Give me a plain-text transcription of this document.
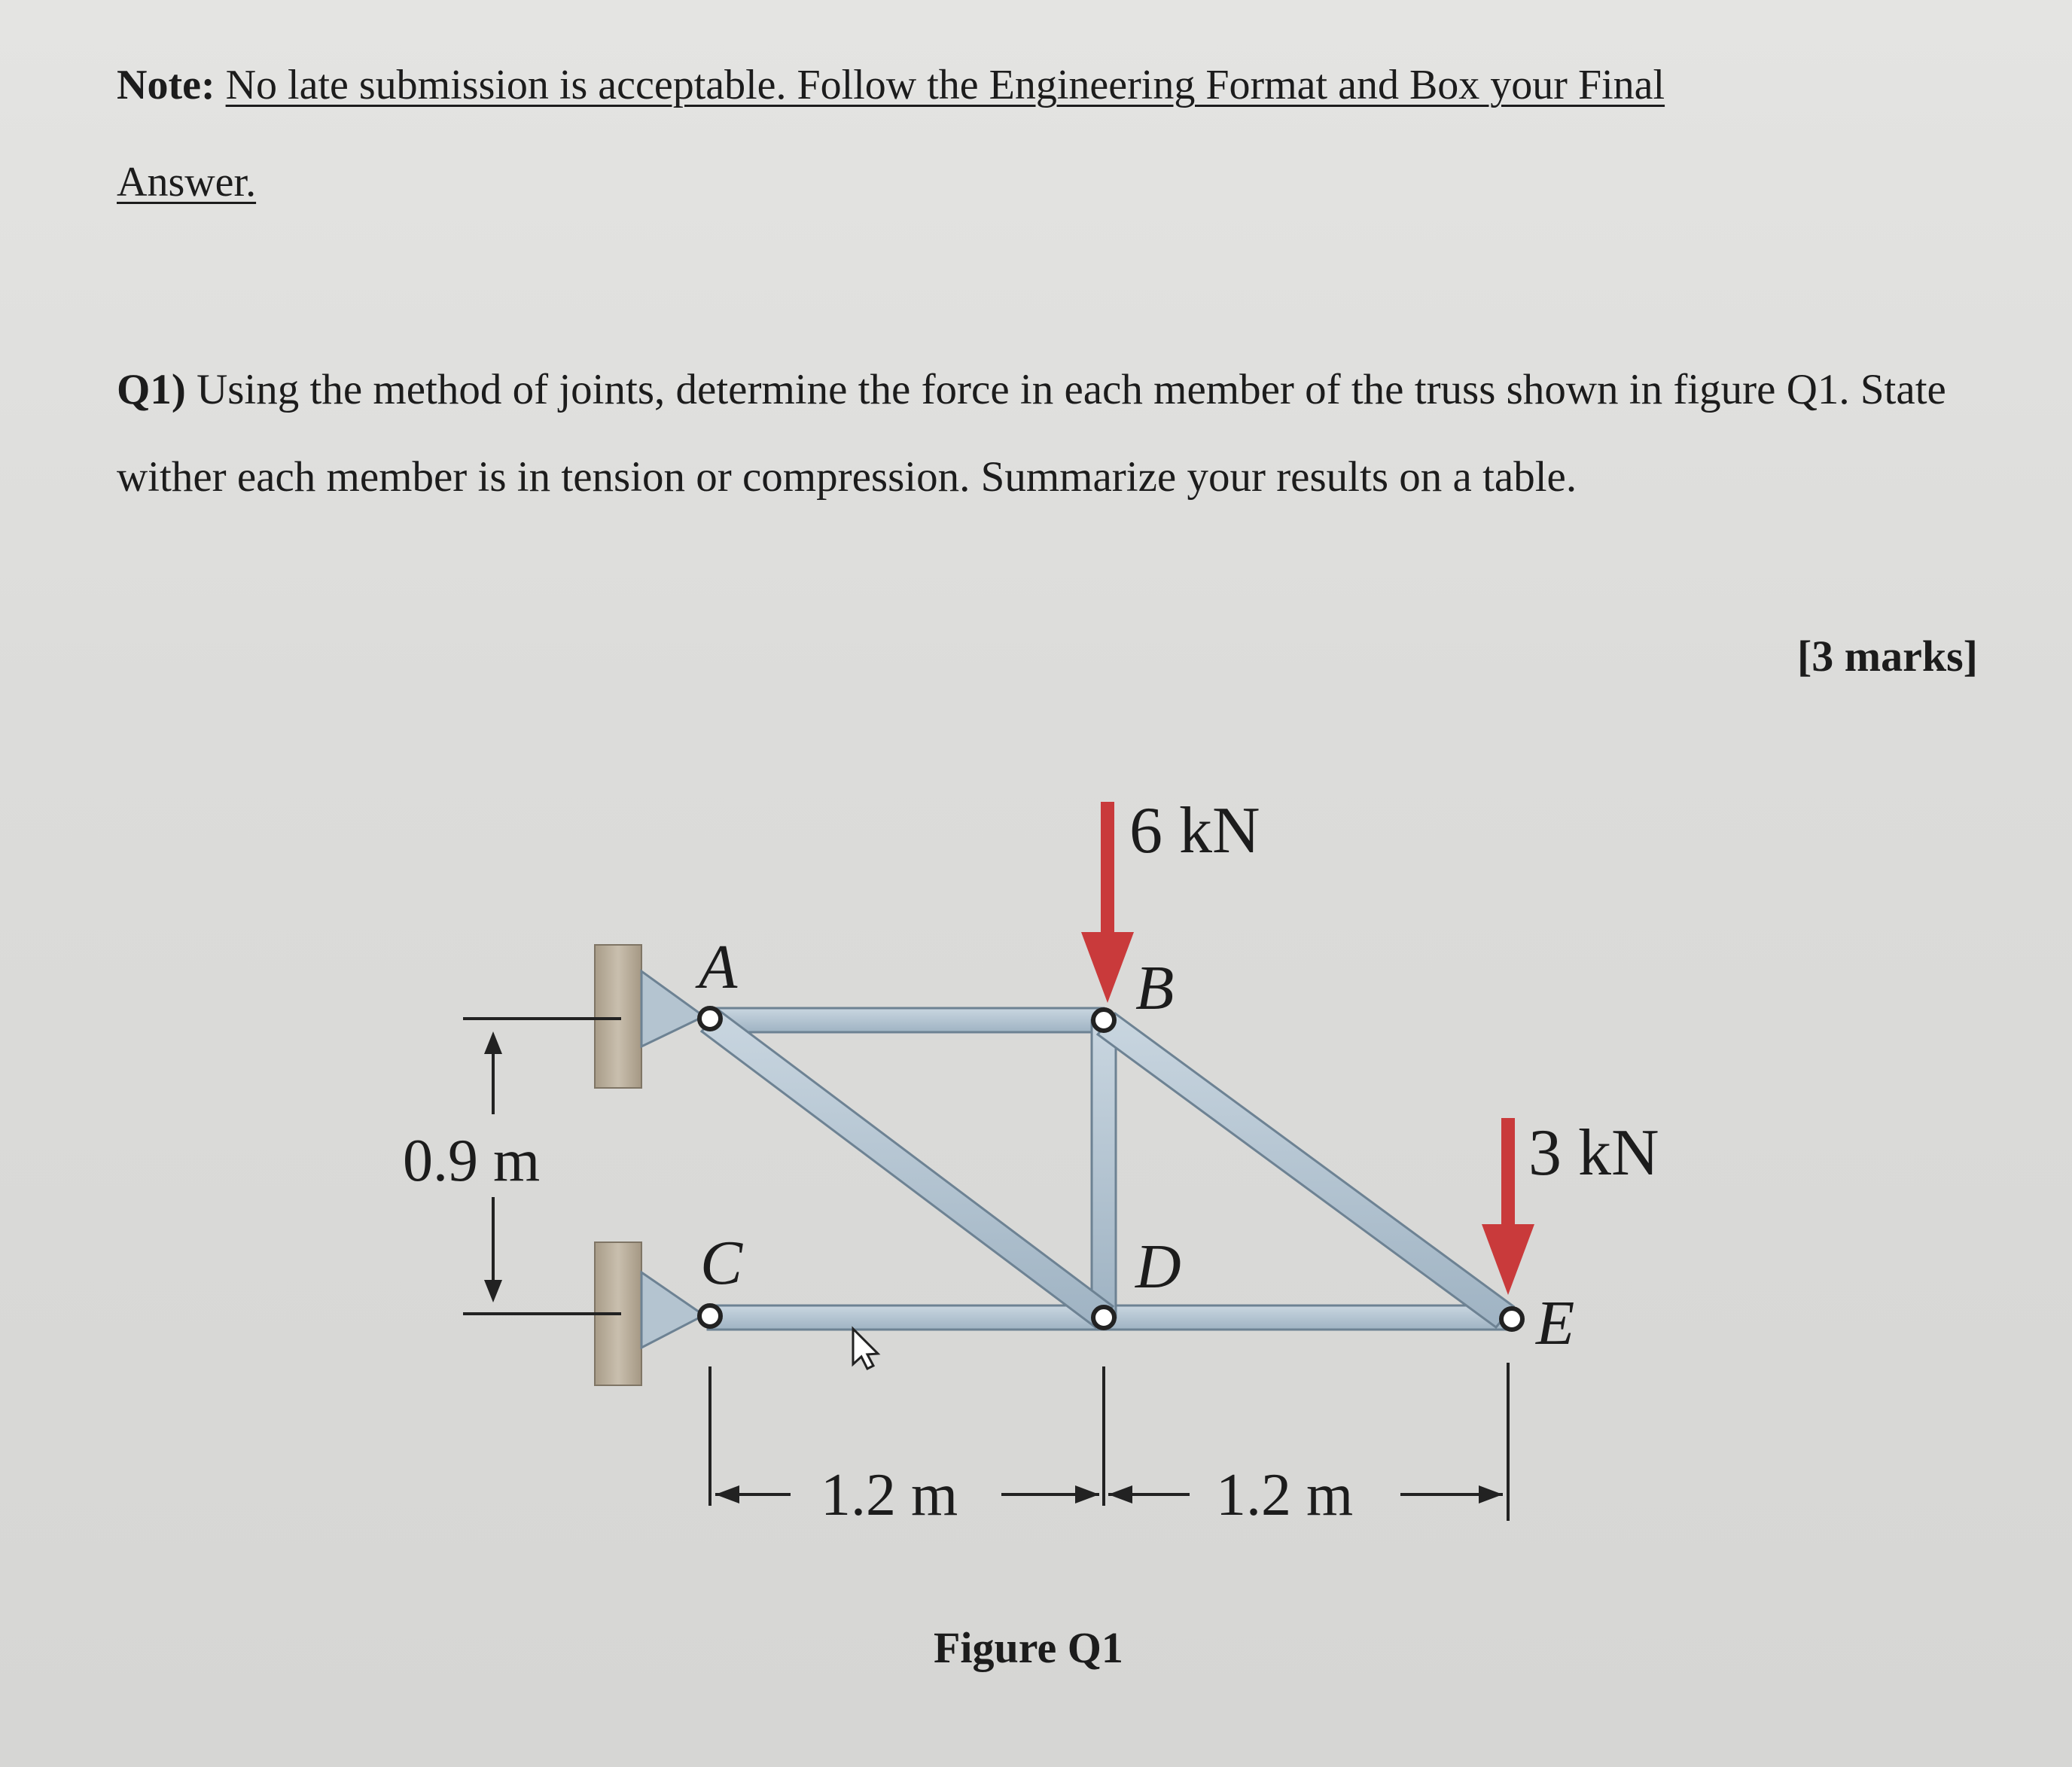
Note: No late submission is acceptable. Follow the Engineering Format and Box your Final
Answer.
Q1) Using the method of joints, determine the force in each member of the truss shown in figure Q1. State wither each member is in tension or compression. Summarize your results on a table.
[3 marks]
6 kN
3 kN
A	B
C	D
E
0.9 m
1.2 m	1.2 m
Figure Q1
